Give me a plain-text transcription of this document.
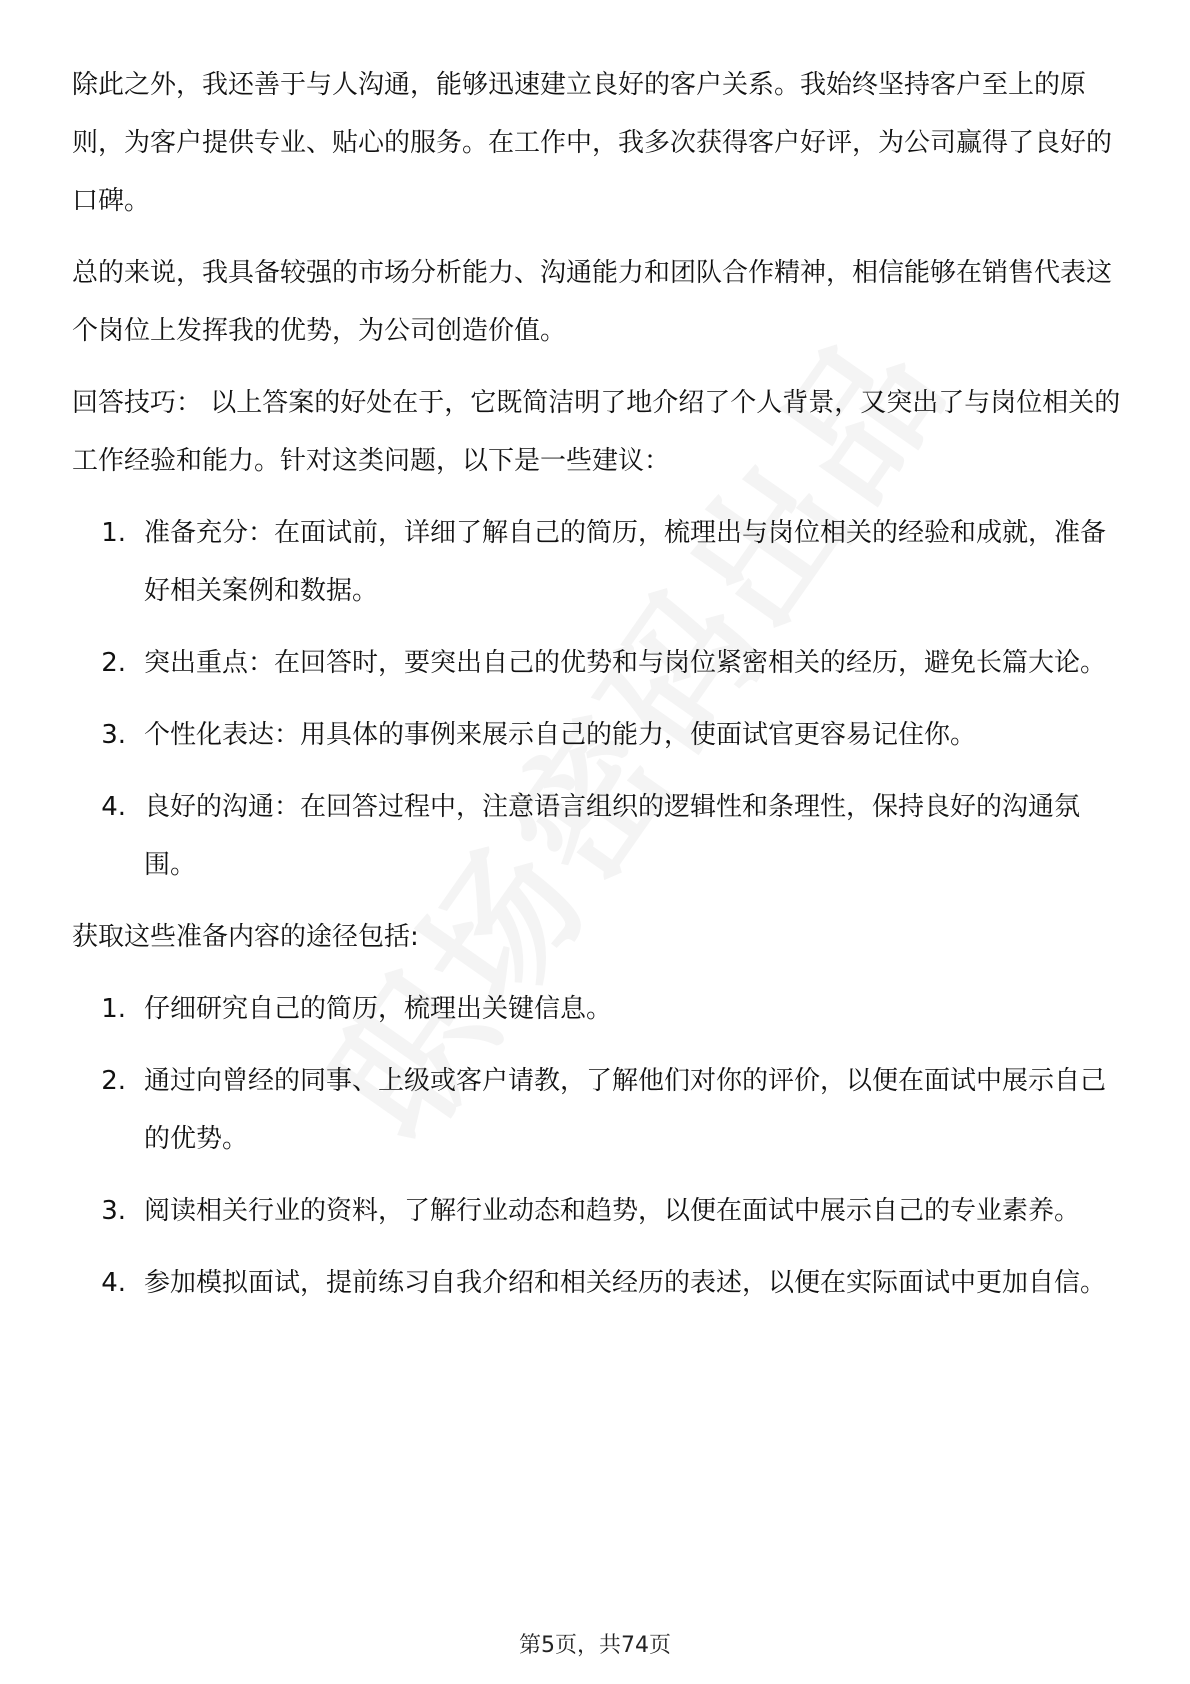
除此之外，我还善于与人沟通，能够迅速建立良好的客户关系。我始终坚持客户至上的原则，为客户提供专业、贴心的服务。在工作中，我多次获得客户好评，为公司赢得了良好的口碑。

总的来说，我具备较强的市场分析能力、沟通能力和团队合作精神，相信能够在销售代表这个岗位上发挥我的优势，为公司创造价值。

回答技巧： 以上答案的好处在于，它既简洁明了地介绍了个人背景，又突出了与岗位相关的工作经验和能力。针对这类问题，以下是一些建议：

1. 准备充分：在面试前，详细了解自己的简历，梳理出与岗位相关的经验和成就，准备好相关案例和数据。
2. 突出重点：在回答时，要突出自己的优势和与岗位紧密相关的经历，避免长篇大论。
3. 个性化表达：用具体的事例来展示自己的能力，使面试官更容易记住你。
4. 良好的沟通：在回答过程中，注意语言组织的逻辑性和条理性，保持良好的沟通氛围。

获取这些准备内容的途径包括:

1. 仔细研究自己的简历，梳理出关键信息。
2. 通过向曾经的同事、上级或客户请教，了解他们对你的评价，以便在面试中展示自己的优势。
3. 阅读相关行业的资料，了解行业动态和趋势，以便在面试中展示自己的专业素养。
4. 参加模拟面试，提前练习自我介绍和相关经历的表述，以便在实际面试中更加自信。
第5页，共74页
